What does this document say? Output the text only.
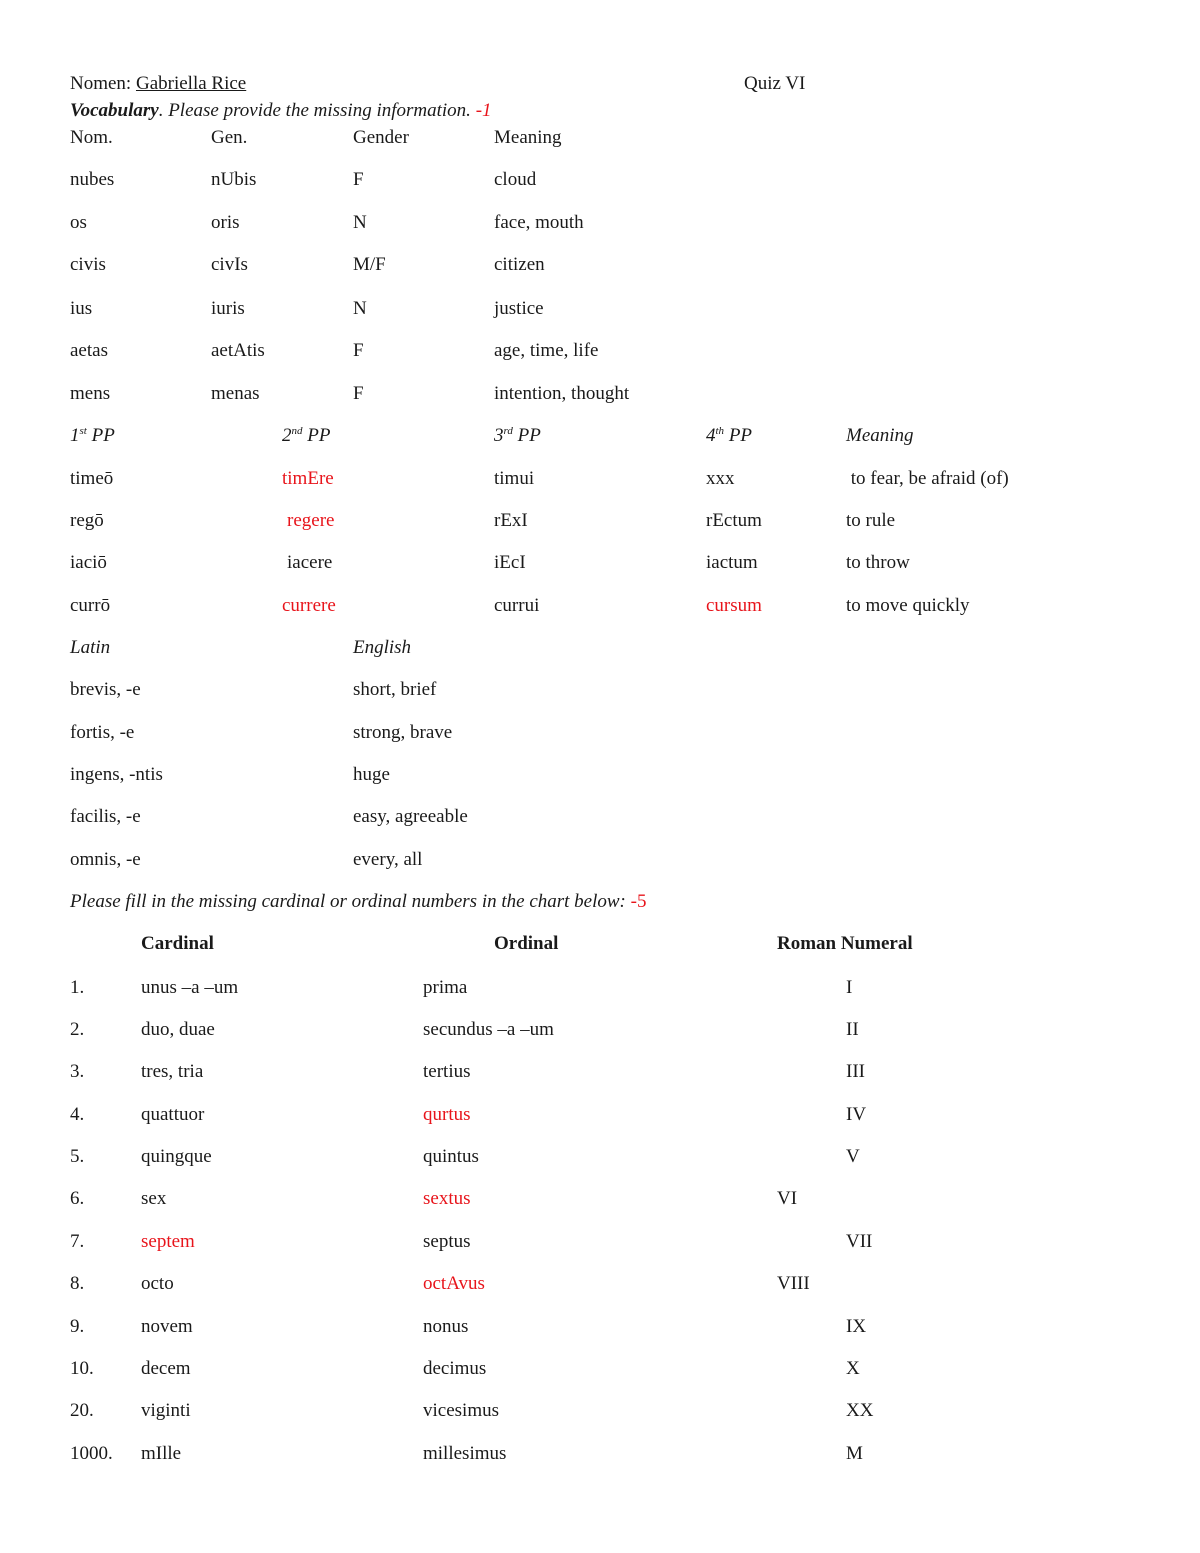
Nomen: Gabriella Rice	Quiz VI
Vocabulary. Please provide the missing information. -1
Nom.	Gen.	Gender	Meaning
nubes	nUbis	F	cloud
os	oris	N	face, mouth
civis	civIs	M/F	citizen
ius	iuris	N	justice
aetas	aetAtis	F	age, time, life
mens	menas	F	intention, thought
1st PP	2nd PP	3rd PP	4th PP	Meaning
timeō	timEre	timui	xxx	to fear, be afraid (of)
regō	regere	rExI	rEctum	to rule
iaciō	iacere	iEcI	iactum	to throw
currō	currere	currui	cursum	to move quickly
Latin	English
brevis, -e	short, brief
fortis, -e	strong, brave
ingens, -ntis	huge
facilis, -e	easy, agreeable
omnis, -e	every, all
Please fill in the missing cardinal or ordinal numbers in the chart below: -5
Cardinal	Ordinal	Roman Numeral
1.	unus –a –um	prima	I
2.	duo, duae	secundus –a –um	II
3.	tres, tria	tertius	III
4.	quattuor	qurtus	IV
5.	quingque	quintus	V
6.	sex	sextus	VI
7.	septem	septus	VII
8.	octo	octAvus	VIII
9.	novem	nonus	IX
10. decem	decimus	X
20. viginti	vicesimus	XX
1000. mIlle	millesimus	M
